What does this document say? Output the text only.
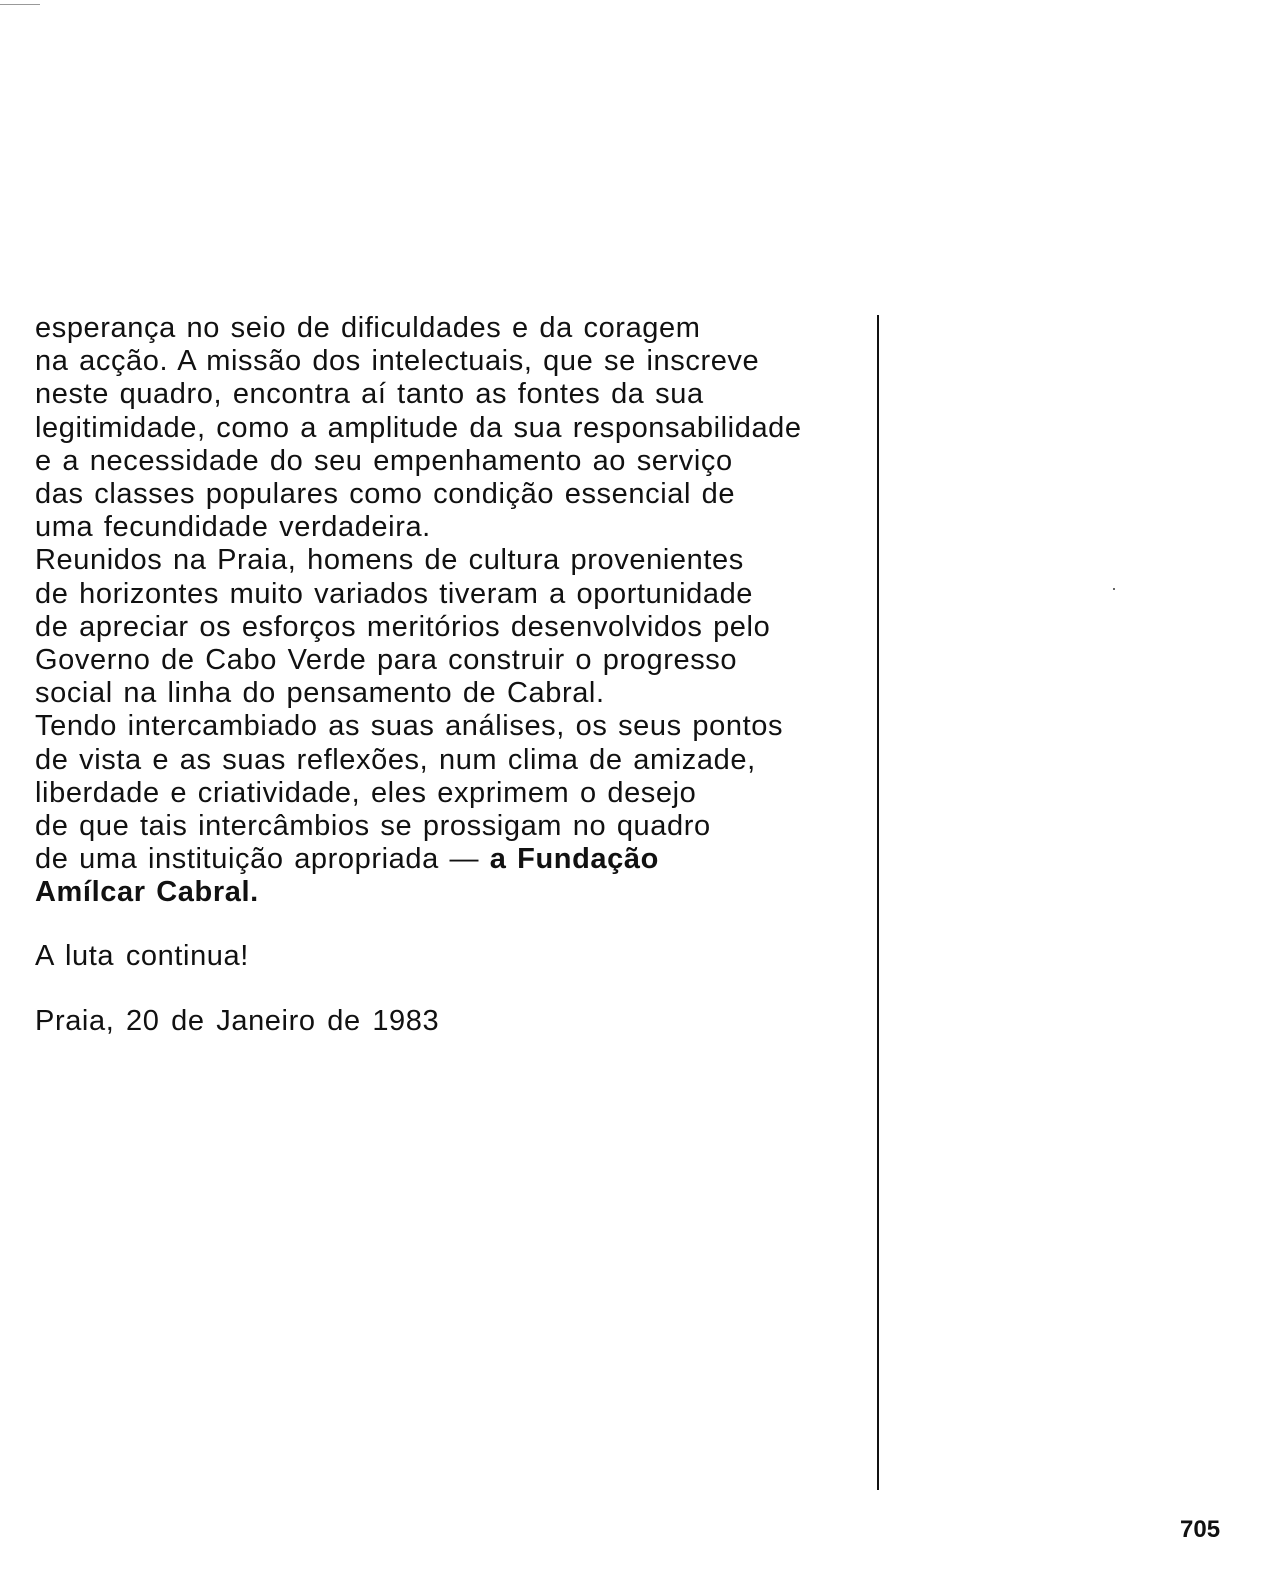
esperança no seio de dificuldades e da coragem
na acção. A missão dos intelectuais, que se inscreve
neste quadro, encontra aí tanto as fontes da sua
legitimidade, como a amplitude da sua responsabilidade
e a necessidade do seu empenhamento ao serviço
das classes populares como condição essencial de
uma fecundidade verdadeira.
Reunidos na Praia, homens de cultura provenientes
de horizontes muito variados tiveram a oportunidade
de apreciar os esforços meritórios desenvolvidos pelo
Governo de Cabo Verde para construir o progresso
social na linha do pensamento de Cabral.
Tendo intercambiado as suas análises, os seus pontos
de vista e as suas reflexões, num clima de amizade,
liberdade e criatividade, eles exprimem o desejo
de que tais intercâmbios se prossigam no quadro
de uma instituição apropriada — a Fundação
Amílcar Cabral.
A luta continua!
Praia, 20 de Janeiro de 1983
705
